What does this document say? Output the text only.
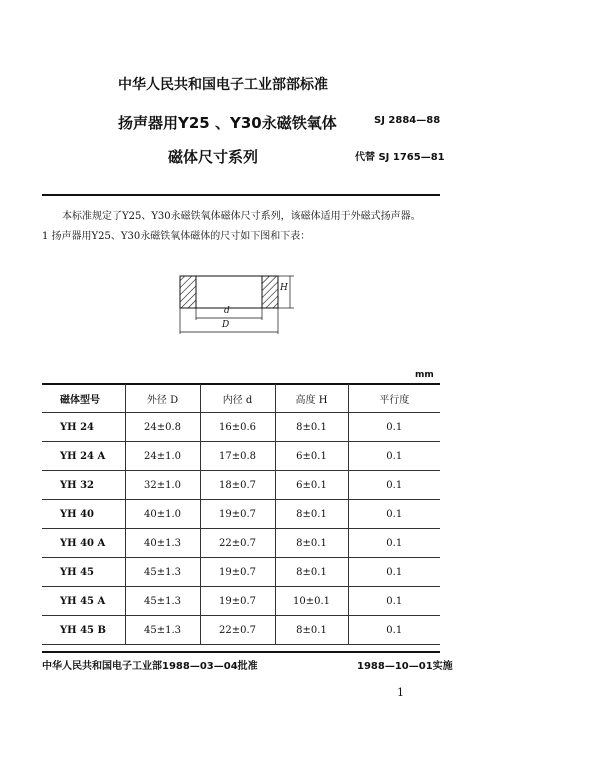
中华人民共和国电子工业部部标准
扬声器用Y25 、Y30永磁铁氧体	SJ 2884—88
磁体尺寸系列	代替 SJ 1765—81
本标准规定了Y25、Y30永磁铁氧体磁体尺寸系列，该磁体适用于外磁式扬声器。
1 扬声器用Y25、Y30永磁铁氧体磁体的尺寸如下图和下表：
H
d
D
mm
磁体型号	外径 D	内径 d	高度 H	平行度
YH 24	24±0.8	16±0.6	8±0.1	0.1
YH 24 A	24±1.0	17±0.8	6±0.1	0.1
YH 32	32±1.0	18±0.7	6±0.1	0.1
YH 40	40±1.0	19±0.7	8±0.1	0.1
YH 40 A	40±1.3	22±0.7	8±0.1	0.1
YH 45	45±1.3	19±0.7	8±0.1	0.1
YH 45 A	45±1.3	19±0.7	10±0.1	0.1
YH 45 B	45±1.3	22±0.7	8±0.1	0.1
中华人民共和国电子工业部1988—03—04批准	1988—10—01实施
1
